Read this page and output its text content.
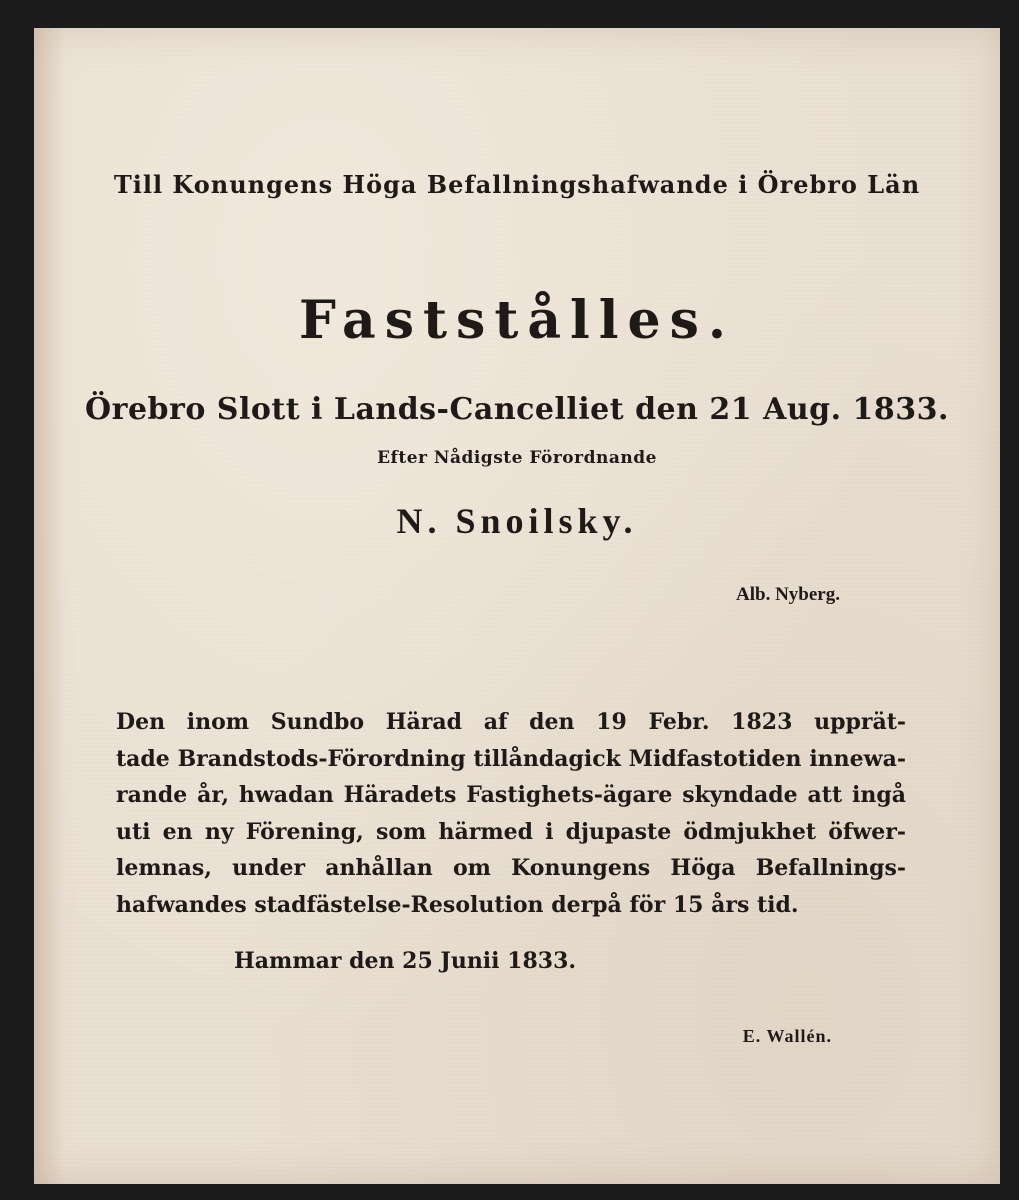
Till Konungens Höga Befallningshafwande i Örebro Län
Faststålles.
Örebro Slott i Lands-Cancelliet den 21 Aug. 1833.
Efter Nådigste Förordnande
N. Snoilsky.
Alb. Nyberg.
Den inom Sundbo Härad af den 19 Febr. 1823 upprät-
tade Brandstods-Förordning tillåndagick Midfastotiden innewa-
rande år, hwadan Häradets Fastighets-ägare skyndade att ingå
uti en ny Förening, som härmed i djupaste ödmjukhet öfwer-
lemnas, under anhållan om Konungens Höga Befallnings-
hafwandes stadfästelse-Resolution derpå för 15 års tid.
Hammar den 25 Junii 1833.
E. Wallén.
